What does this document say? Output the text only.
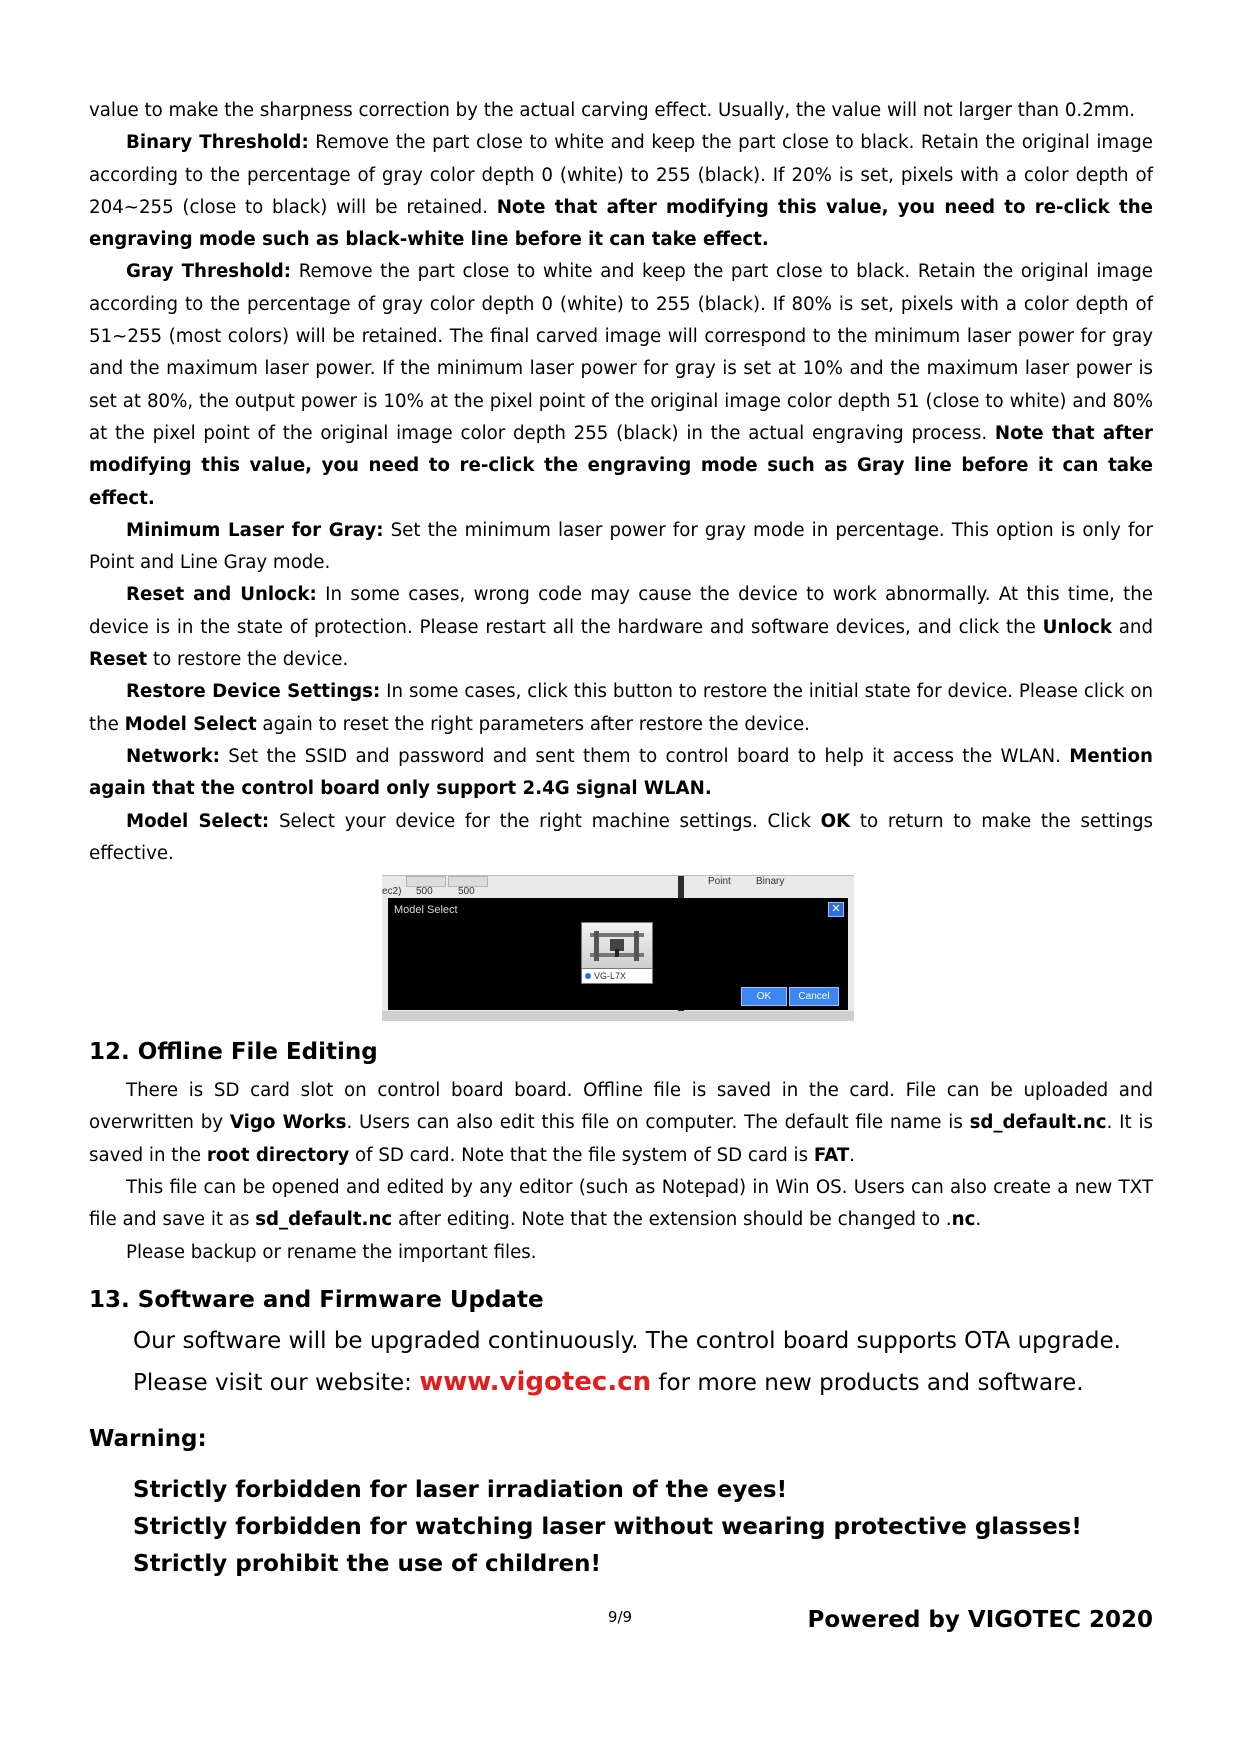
value to make the sharpness correction by the actual carving effect. Usually, the value will not larger than 0.2mm.

Binary Threshold: Remove the part close to white and keep the part close to black. Retain the original image according to the percentage of gray color depth 0 (white) to 255 (black). If 20% is set, pixels with a color depth of 204~255 (close to black) will be retained. Note that after modifying this value, you need to re-click the engraving mode such as black-white line before it can take effect.

Gray Threshold: Remove the part close to white and keep the part close to black. Retain the original image according to the percentage of gray color depth 0 (white) to 255 (black). If 80% is set, pixels with a color depth of 51~255 (most colors) will be retained. The final carved image will correspond to the minimum laser power for gray and the maximum laser power. If the minimum laser power for gray is set at 10% and the maximum laser power is set at 80%, the output power is 10% at the pixel point of the original image color depth 51 (close to white) and 80% at the pixel point of the original image color depth 255 (black) in the actual engraving process. Note that after modifying this value, you need to re-click the engraving mode such as Gray line before it can take effect.

Minimum Laser for Gray: Set the minimum laser power for gray mode in percentage. This option is only for Point and Line Gray mode.

Reset and Unlock: In some cases, wrong code may cause the device to work abnormally. At this time, the device is in the state of protection. Please restart all the hardware and software devices, and click the Unlock and Reset to restore the device.

Restore Device Settings: In some cases, click this button to restore the initial state for device. Please click on the Model Select again to reset the right parameters after restore the device.

Network: Set the SSID and password and sent them to control board to help it access the WLAN. Mention again that the control board only support 2.4G signal WLAN.

Model Select: Select your device for the right machine settings. Click OK to return to make the settings effective.

ec2) 500	500
Point	Binary
Model Select	✕
VG-L7X
OK	Cancel
12. Offline File Editing

There is SD card slot on control board board. Offline file is saved in the card. File can be uploaded and overwritten by Vigo Works. Users can also edit this file on computer. The default file name is sd_default.nc. It is saved in the root directory of SD card. Note that the file system of SD card is FAT.

This file can be opened and edited by any editor (such as Notepad) in Win OS. Users can also create a new TXT file and save it as sd_default.nc after editing. Note that the extension should be changed to .nc.

Please backup or rename the important files.

13. Software and Firmware Update
Our software will be upgraded continuously. The control board supports OTA upgrade.
Please visit our website: www.vigotec.cn for more new products and software.
Warning:
Strictly forbidden for laser irradiation of the eyes!
Strictly forbidden for watching laser without wearing protective glasses!
Strictly prohibit the use of children!
Powered by VIGOTEC 2020
9/9
